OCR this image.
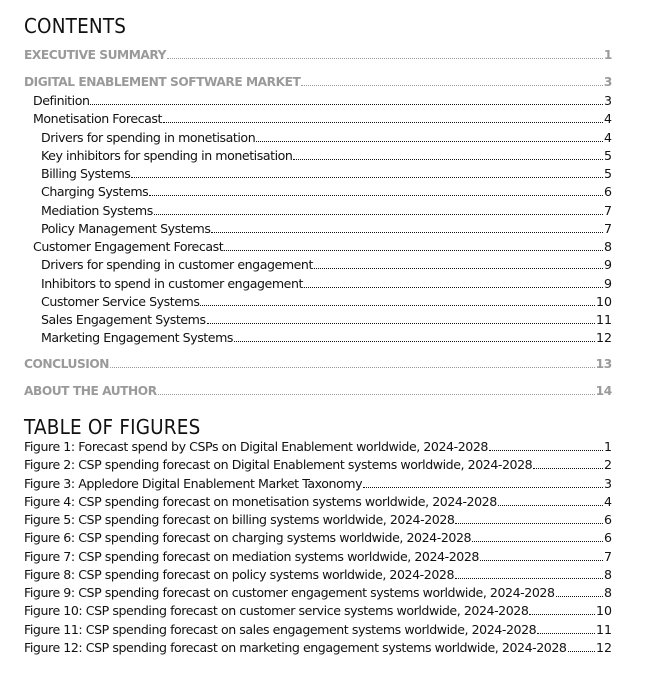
CONTENTS
EXECUTIVE SUMMARY	1
DIGITAL ENABLEMENT SOFTWARE MARKET	3
Definition	3
Monetisation Forecast	4
Drivers for spending in monetisation	4
Key inhibitors for spending in monetisation	5
Billing Systems	5
Charging Systems	6
Mediation Systems	7
Policy Management Systems	7
Customer Engagement Forecast	8
Drivers for spending in customer engagement	9
Inhibitors to spend in customer engagement	9
Customer Service Systems	10
Sales Engagement Systems	11
Marketing Engagement Systems	12
CONCLUSION	13
ABOUT THE AUTHOR	14
TABLE OF FIGURES
Figure 1: Forecast spend by CSPs on Digital Enablement worldwide, 2024-2028	1
Figure 2: CSP spending forecast on Digital Enablement systems worldwide, 2024-2028	2
Figure 3: Appledore Digital Enablement Market Taxonomy	3
Figure 4: CSP spending forecast on monetisation systems worldwide, 2024-2028	4
Figure 5: CSP spending forecast on billing systems worldwide, 2024-2028	6
Figure 6: CSP spending forecast on charging systems worldwide, 2024-2028	6
Figure 7: CSP spending forecast on mediation systems worldwide, 2024-2028	7
Figure 8: CSP spending forecast on policy systems worldwide, 2024-2028	8
Figure 9: CSP spending forecast on customer engagement systems worldwide, 2024-2028	8
Figure 10: CSP spending forecast on customer service systems worldwide, 2024-2028	10
Figure 11: CSP spending forecast on sales engagement systems worldwide, 2024-2028	11
Figure 12: CSP spending forecast on marketing engagement systems worldwide, 2024-2028 12
